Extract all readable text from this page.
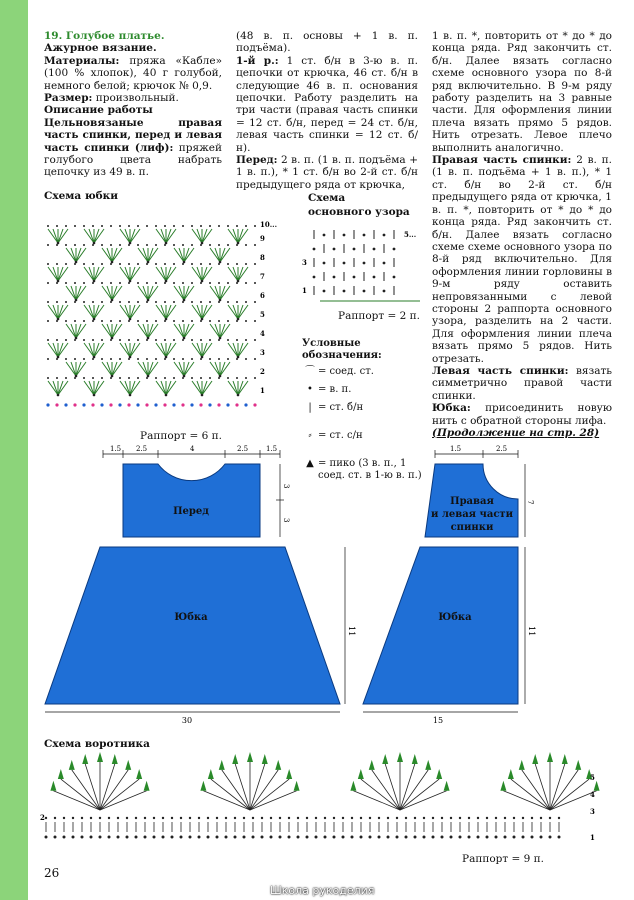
19. Голубое платье.

Ажурное вязание.

Материалы: пряжа «Кабле» (100 % хлопок), 40 г голубой, немного белой; крючок № 0,9.

Размер: произвольный.

Описание работы

Цельновязаные правая часть спинки, перед и левая часть спинки (лиф): пряжей голубого цвета набрать цепочку из 49 в. п.

(48 в. п. основы + 1 в. п. подъёма).

1-й р.: 1 ст. б/н в 3-ю в. п. цепочки от крючка, 46 ст. б/н в следующие 46 в. п. основания цепочки. Работу разделить на три части (правая часть спинки = 12 ст. б/н, перед = 24 ст. б/н, левая часть спинки = 12 ст. б/н).

Перед: 2 в. п. (1 в. п. подъёма + 1 в. п.), * 1 ст. б/н во 2-й ст. б/н предыдущего ряда от крючка,

1 в. п. *, повторить от * до * до конца ряда. Ряд закончить ст. б/н. Далее вязать согласно схеме основного узора по 8-й ряд включительно. В 9-м ряду работу разделить на 3 равные части. Для оформления линии плеча вязать прямо 5 рядов. Нить отрезать. Левое плечо выполнить аналогично.

Правая часть спинки: 2 в. п. (1 в. п. подъёма + 1 в. п.), * 1 ст. б/н во 2-й ст. б/н предыдущего ряда от крючка, 1 в. п. *, повторить от * до * до конца ряда. Ряд закончить ст. б/н. Далее вязать согласно схеме схеме основного узора по 8-й ряд включительно. Для оформления линии горловины в 9-м ряду оставить непровязанными с левой стороны 2 раппорта основного узора, разделить на 2 части. Для оформления линии плеча вязать прямо 5 рядов. Нить отрезать.

Левая часть спинки: вязать симметрично правой части спинки.

Юбка: присоединить новую нить с обратной стороны лифа.

(Продолжение на стр. 28)

Схема юбки
1
2
3
4
5
6
7
8
9
10...
Раппорт = 6 п.
Схема
основного узора
1
3
5...
Раппорт = 2 п.
Условные обозначения:
⌒ = соед. ст.
• = в. п.
| = ст. б/н
⸗ = ст. с/н
▲ = пико (3 в. п., 1 соед. ст. в 1-ю в. п.)
Перед
Юбка
1.5 2.5	4	2.5	1.5
3
3
11
30
Правая
и левая части
спинки
Юбка
1.5	2.5
7
11
15
Схема воротника
2
5
3
1
4
Раппорт = 9 п.
26
Школа рукоделия
